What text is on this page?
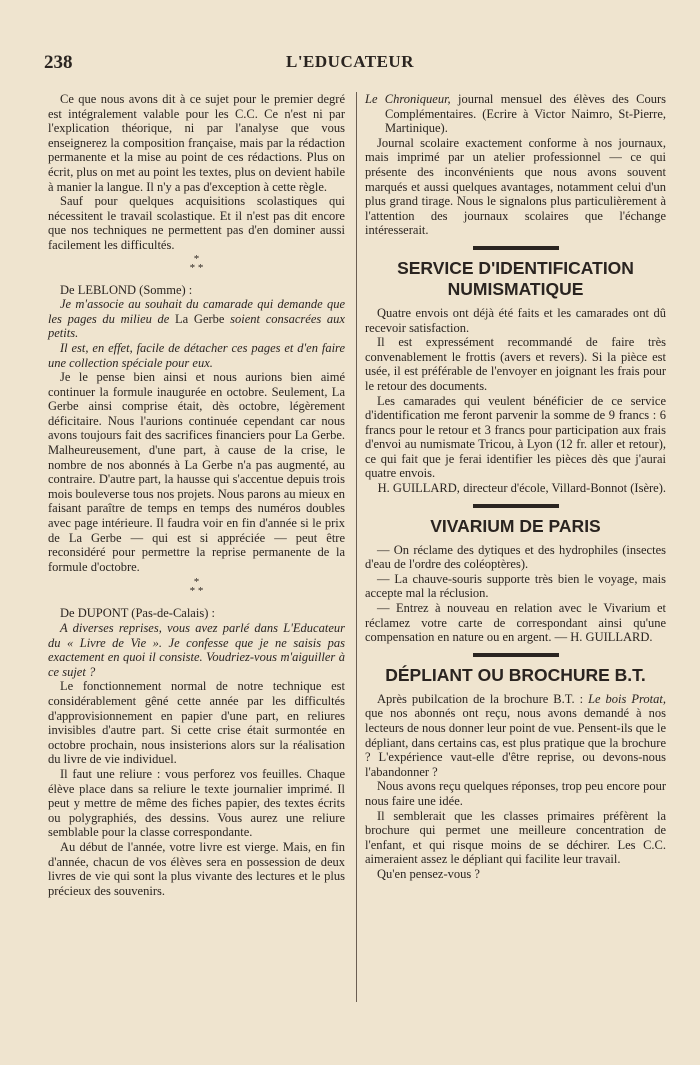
238	L'EDUCATEUR

Ce que nous avons dit à ce sujet pour le premier degré est intégralement valable pour les C.C. Ce n'est ni par l'explication théorique, ni par l'analyse que vous enseignerez la composition française, mais par la rédaction permanente et la mise au point de ces rédactions. Plus on écrit, plus on met au point les textes, plus on devient habile à manier la langue. Il n'y a pas d'exception à cette règle.

Sauf pour quelques acquisitions scolastiques qui nécessitent le travail scolastique. Et il n'est pas dit encore que nos techniques ne permettent pas d'en dominer aussi facilement les difficultés.

*
* *

De LEBLOND (Somme) :

Je m'associe au souhait du camarade qui demande que les pages du milieu de La Gerbe soient consacrées aux petits.

Il est, en effet, facile de détacher ces pages et d'en faire une collection spéciale pour eux.

Je le pense bien ainsi et nous aurions bien aimé continuer la formule inaugurée en octobre. Seulement, La Gerbe ainsi comprise était, dès octobre, légèrement déficitaire. Nous l'aurions continuée cependant car nous avons toujours fait des sacrifices financiers pour La Gerbe. Malheureusement, d'une part, à cause de la crise, le nombre de nos abonnés à La Gerbe n'a pas augmenté, au contraire. D'autre part, la hausse qui s'accentue depuis trois mois bouleverse tous nos projets. Nous parons au mieux en faisant paraître de temps en temps des numéros doubles avec page intérieure. Il faudra voir en fin d'année si le prix de La Gerbe — qui est si appréciée — peut être reconsidéré pour permettre la reprise permanente de la formule d'octobre.

*
* *

De DUPONT (Pas-de-Calais) :

A diverses reprises, vous avez parlé dans L'Educateur du « Livre de Vie ». Je confesse que je ne saisis pas exactement en quoi il consiste. Voudriez-vous m'aiguiller à ce sujet ?

Le fonctionnement normal de notre technique est considérablement gêné cette année par les difficultés d'approvisionnement en papier d'une part, en reliures invisibles d'autre part. Si cette crise était surmontée en octobre prochain, nous insisterions alors sur la réalisation du livre de vie individuel.

Il faut une reliure : vous perforez vos feuilles. Chaque élève place dans sa reliure le texte journalier imprimé. Il peut y mettre de même des fiches papier, des textes écrits ou polygraphiés, des dessins. Vous aurez une reliure semblable pour la classe correspondante.

Au début de l'année, votre livre est vierge. Mais, en fin d'année, chacun de vos élèves sera en possession de deux livres de vie qui sont la plus vivante des lectures et le plus précieux des souvenirs.

Le Chroniqueur, journal mensuel des élèves des Cours Complémentaires. (Ecrire à Victor Naimro, St-Pierre, Martinique).

Journal scolaire exactement conforme à nos journaux, mais imprimé par un atelier professionnel — ce qui présente des inconvénients que nous avons souvent marqués et aussi quelques avantages, notamment celui d'un plus grand tirage. Nous le signalons plus particulièrement à l'attention des journaux scolaires que l'échange intéresserait.

SERVICE D'IDENTIFICATION NUMISMATIQUE

Quatre envois ont déjà été faits et les camarades ont dû recevoir satisfaction.

Il est expressément recommandé de faire très convenablement le frottis (avers et revers). Si la pièce est usée, il est préférable de l'envoyer en joignant les frais pour le retour des documents.

Les camarades qui veulent bénéficier de ce service d'identification me feront parvenir la somme de 9 francs : 6 francs pour le retour et 3 francs pour participation aux frais d'envoi au numismate Tricou, à Lyon (12 fr. aller et retour), ce qui fait que je ferai identifier les pièces dès que j'aurai quatre envois.

H. GUILLARD, directeur d'école, Villard-Bonnot (Isère).

VIVARIUM DE PARIS

— On réclame des dytiques et des hydrophiles (insectes d'eau de l'ordre des coléoptères).

— La chauve-souris supporte très bien le voyage, mais accepte mal la réclusion.

— Entrez à nouveau en relation avec le Vivarium et réclamez votre carte de correspondant ainsi qu'une compensation en nature ou en argent. — H. GUILLARD.

DÉPLIANT OU BROCHURE B.T.

Après pubilcation de la brochure B.T. : Le bois Protat, que nos abonnés ont reçu, nous avons demandé à nos lecteurs de nous donner leur point de vue. Pensent-ils que le dépliant, dans certains cas, est plus pratique que la brochure ? L'expérience vaut-elle d'être reprise, ou devons-nous l'abandonner ?

Nous avons reçu quelques réponses, trop peu encore pour nous faire une idée.

Il semblerait que les classes primaires préfèrent la brochure qui permet une meilleure concentration de l'enfant, et qui risque moins de se déchirer. Les C.C. aimeraient assez le dépliant qui facilite leur travail.

Qu'en pensez-vous ?
